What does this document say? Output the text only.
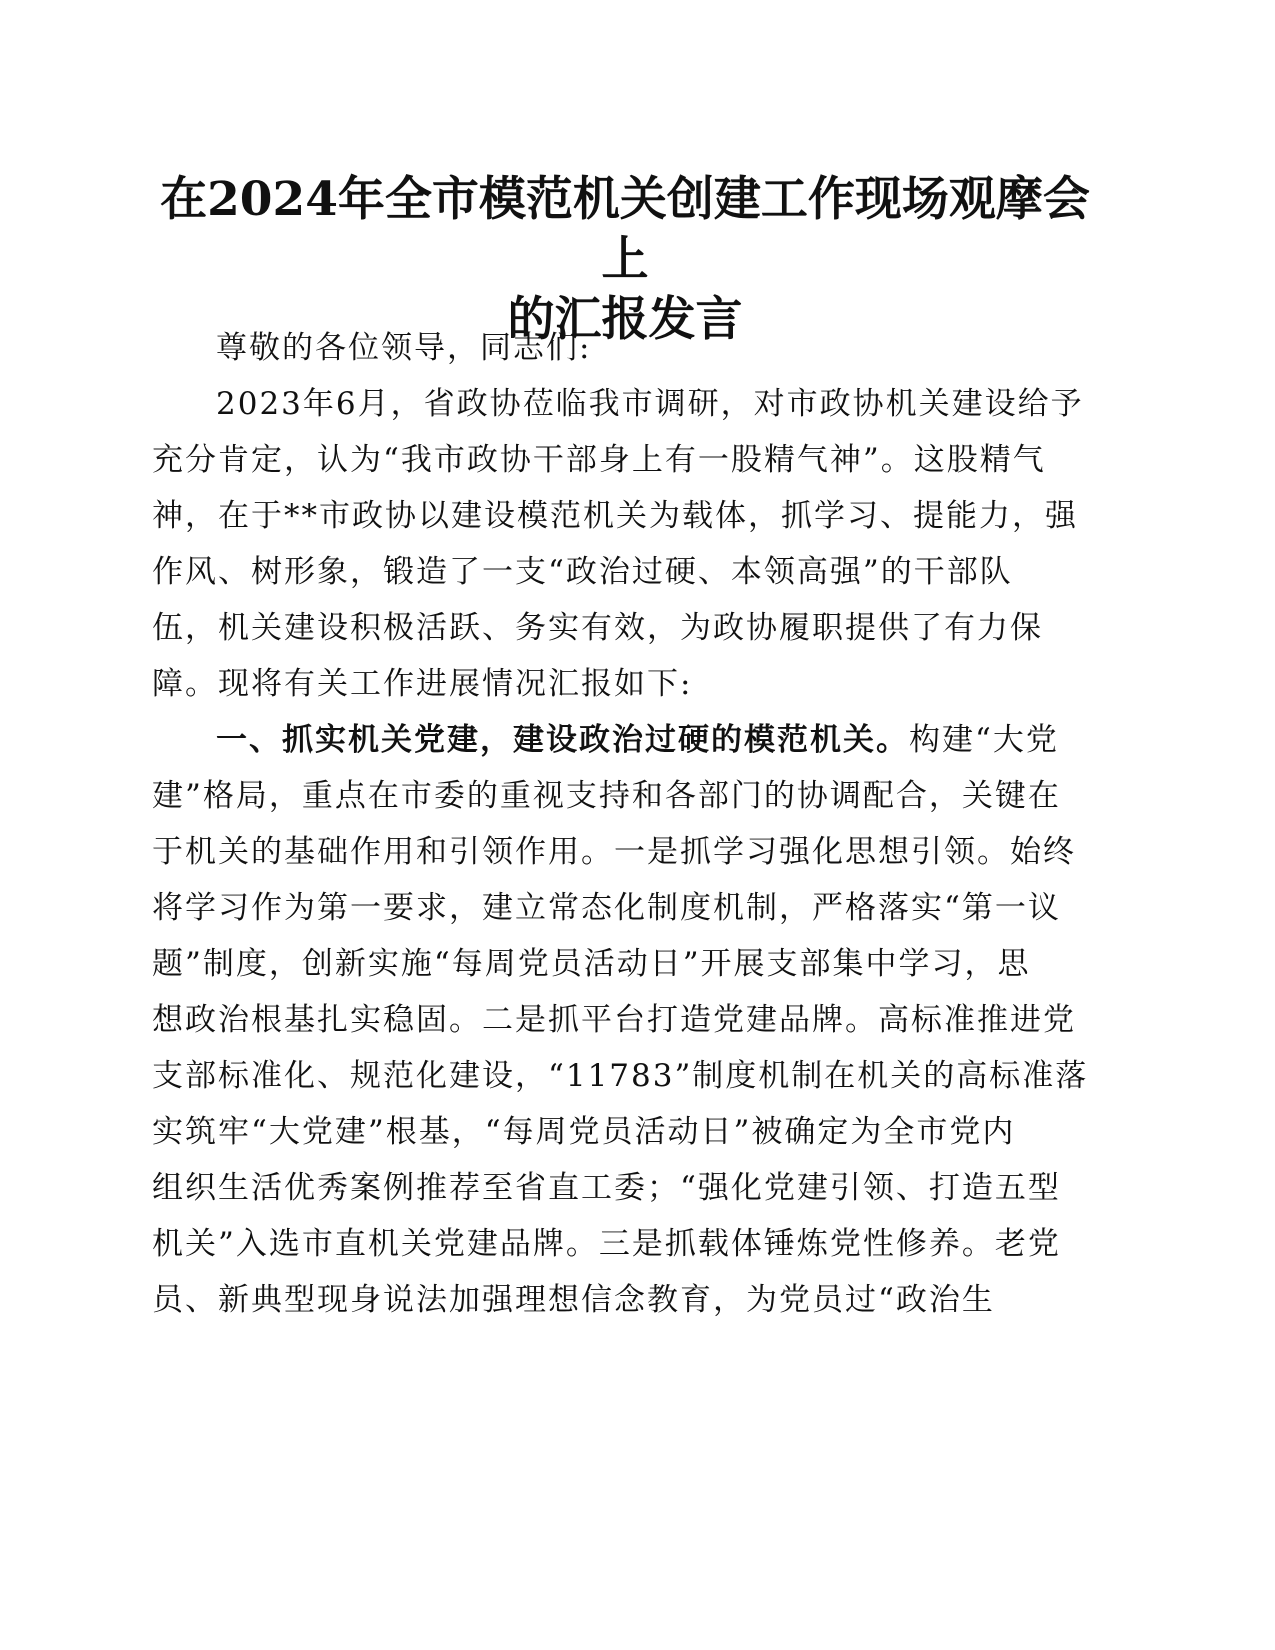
在2024年全市模范机关创建工作现场观摩会上
的汇报发言
尊敬的各位领导，同志们:
2023年6月，省政协莅临我市调研，对市政协机关建设给予
充分肯定，认为“我市政协干部身上有一股精气神”。这股精气
神，在于**市政协以建设模范机关为载体，抓学习、提能力，强
作风、树形象，锻造了一支“政治过硬、本领高强”的干部队
伍，机关建设积极活跃、务实有效，为政协履职提供了有力保
障。现将有关工作进展情况汇报如下:
一、抓实机关党建，建设政治过硬的模范机关。构建“大党
建”格局，重点在市委的重视支持和各部门的协调配合，关键在
于机关的基础作用和引领作用。一是抓学习强化思想引领。始终
将学习作为第一要求，建立常态化制度机制，严格落实“第一议
题”制度，创新实施“每周党员活动日”开展支部集中学习，思
想政治根基扎实稳固。二是抓平台打造党建品牌。高标准推进党
支部标准化、规范化建设，“11783”制度机制在机关的高标准落
实筑牢“大党建”根基，“每周党员活动日”被确定为全市党内
组织生活优秀案例推荐至省直工委；“强化党建引领、打造五型
机关”入选市直机关党建品牌。三是抓载体锤炼党性修养。老党
员、新典型现身说法加强理想信念教育，为党员过“政治生
